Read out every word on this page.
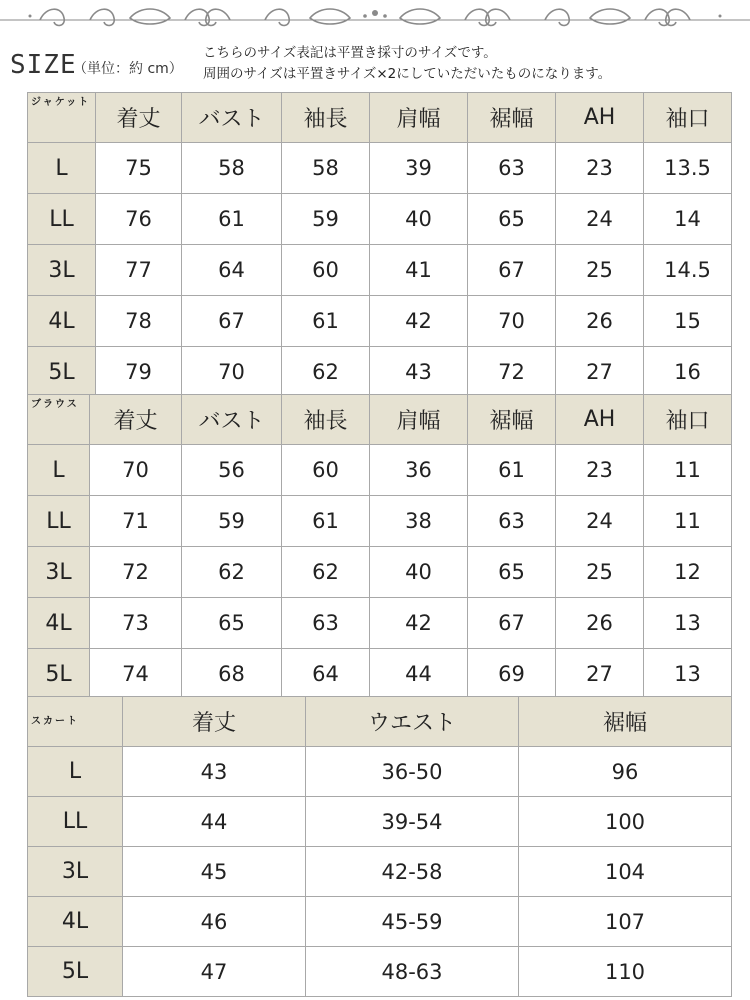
SIZE
（単位：約 cm）
こちらのサイズ表記は平置き採寸のサイズです。
周囲のサイズは平置きサイズ×2にしていただいたものになります。
ジャケット	着丈	バスト	袖長	肩幅	裾幅	AH	袖口
L	75	58	58	39	63	23	13.5
LL	76	61	59	40	65	24	14
3L	77	64	60	41	67	25	14.5
4L	78	67	61	42	70	26	15
5L	79	70	62	43	72	27	16
ブラウス	着丈	バスト	袖長	肩幅	裾幅	AH	袖口
L	70	56	60	36	61	23	11
LL	71	59	61	38	63	24	11
3L	72	62	62	40	65	25	12
4L	73	65	63	42	67	26	13
5L	74	68	64	44	69	27	13
スカート	着丈	ウエスト	裾幅
L	43	36-50	96
LL	44	39-54	100
3L	45	42-58	104
4L	46	45-59	107
5L	47	48-63	110
